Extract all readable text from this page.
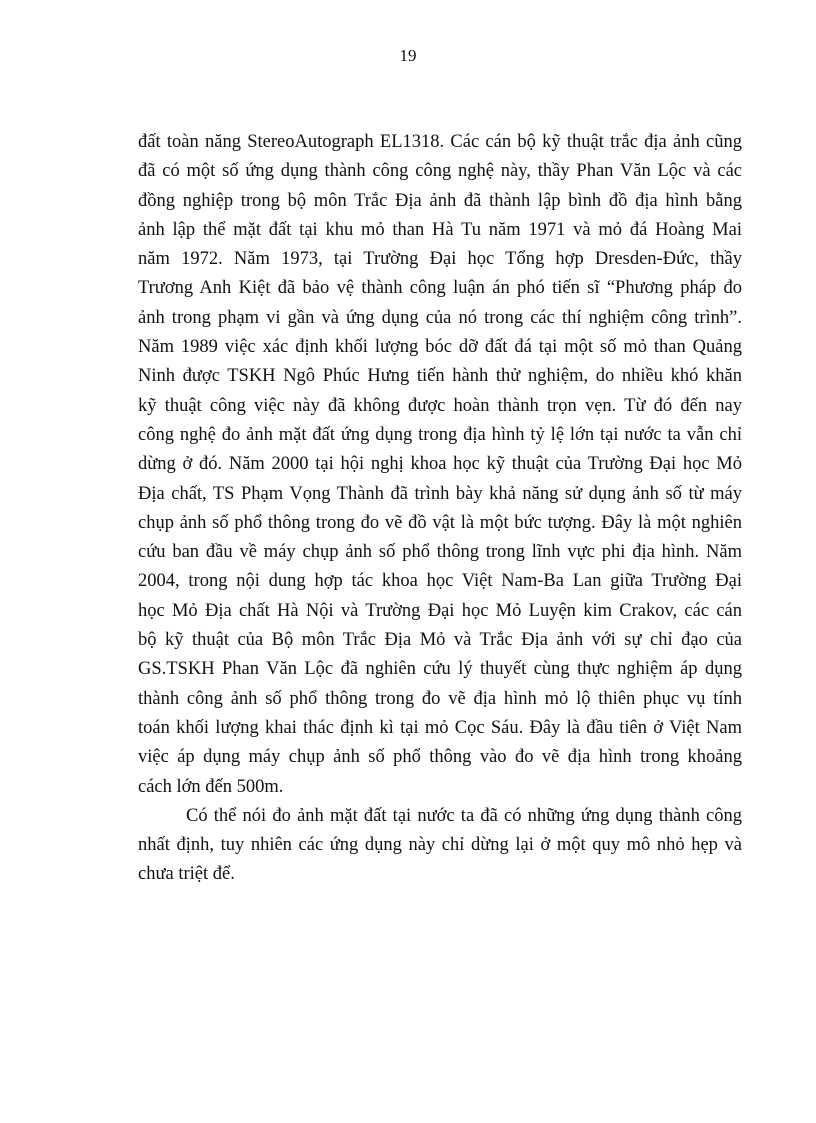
19

đất toàn năng StereoAutograph EL1318. Các cán bộ kỹ thuật trắc địa ảnh cũng
đã có một số ứng dụng thành công công nghệ này, thầy Phan Văn Lộc và các
đồng nghiệp trong bộ môn Trắc Địa ảnh đã thành lập bình đồ địa hình bằng
ảnh lập thể mặt đất tại khu mỏ than Hà Tu năm 1971 và mỏ đá Hoàng Mai
năm 1972. Năm 1973, tại Trường Đại học Tổng hợp Dresden-Đức, thầy
Trương Anh Kiệt đã bảo vệ thành công luận án phó tiến sĩ “Phương pháp đo
ảnh trong phạm vi gần và ứng dụng của nó trong các thí nghiệm công trình”.
Năm 1989 việc xác định khối lượng bóc dỡ đất đá tại một số mỏ than Quảng
Ninh được TSKH Ngô Phúc Hưng tiến hành thử nghiệm, do nhiều khó khăn
kỹ thuật công việc này đã không được hoàn thành trọn vẹn. Từ đó đến nay
công nghệ đo ảnh mặt đất ứng dụng trong địa hình tỷ lệ lớn tại nước ta vẫn chỉ
dừng ở đó. Năm 2000 tại hội nghị khoa học kỹ thuật của Trường Đại học Mỏ
Địa chất, TS Phạm Vọng Thành đã trình bày khả năng sử dụng ảnh số từ máy
chụp ảnh số phổ thông trong đo vẽ đồ vật là một bức tượng. Đây là một nghiên
cứu ban đầu về máy chụp ảnh số phổ thông trong lĩnh vực phi địa hình. Năm
2004, trong nội dung hợp tác khoa học Việt Nam-Ba Lan giữa Trường Đại
học Mỏ Địa chất Hà Nội và Trường Đại học Mỏ Luyện kim Crakov, các cán
bộ kỹ thuật của Bộ môn Trắc Địa Mỏ và Trắc Địa ảnh với sự chỉ đạo của
GS.TSKH Phan Văn Lộc đã nghiên cứu lý thuyết cùng thực nghiệm áp dụng
thành công ảnh số phổ thông trong đo vẽ địa hình mỏ lộ thiên phục vụ tính
toán khối lượng khai thác định kì tại mỏ Cọc Sáu. Đây là đầu tiên ở Việt Nam
việc áp dụng máy chụp ảnh số phổ thông vào đo vẽ địa hình trong khoảng
cách lớn đến 500m.

Có thể nói đo ảnh mặt đất tại nước ta đã có những ứng dụng thành công
nhất định, tuy nhiên các ứng dụng này chỉ dừng lại ở một quy mô nhỏ hẹp và
chưa triệt để.
